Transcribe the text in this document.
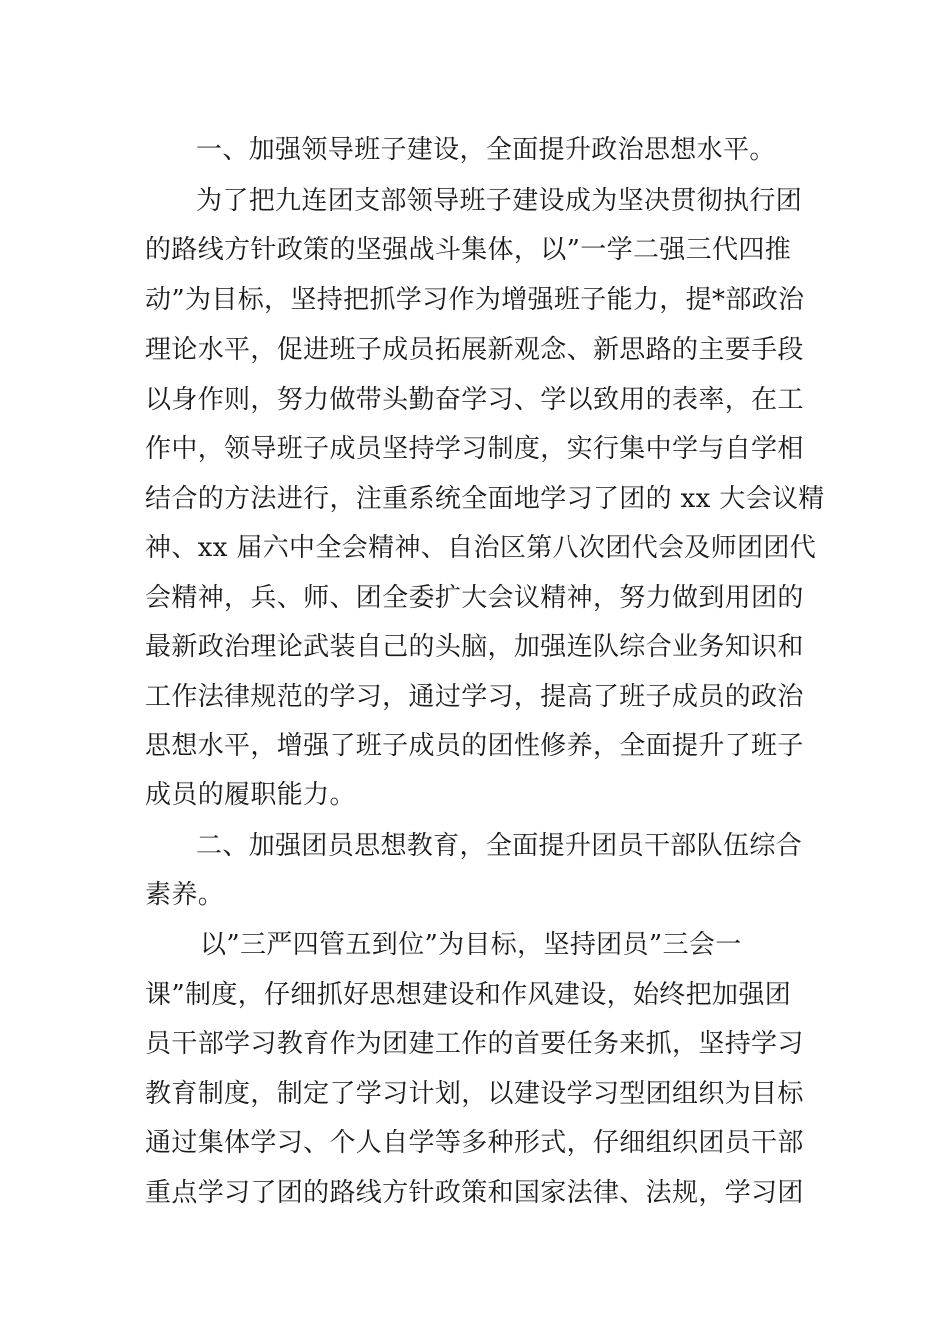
一、加强领导班子建设，全面提升政治思想水平。
为了把九连团支部领导班子建设成为坚决贯彻执行团
的路线方针政策的坚强战斗集体，以”一学二强三代四推
动”为目标，坚持把抓学习作为增强班子能力，提*部政治
理论水平，促进班子成员拓展新观念、新思路的主要手段
以身作则，努力做带头勤奋学习、学以致用的表率，在工
作中，领导班子成员坚持学习制度，实行集中学与自学相
结合的方法进行，注重系统全面地学习了团的 xx 大会议精
神、xx 届六中全会精神、自治区第八次团代会及师团团代
会精神，兵、师、团全委扩大会议精神，努力做到用团的
最新政治理论武装自己的头脑，加强连队综合业务知识和
工作法律规范的学习，通过学习，提高了班子成员的政治
思想水平，增强了班子成员的团性修养，全面提升了班子
成员的履职能力。
二、加强团员思想教育，全面提升团员干部队伍综合
素养。
以”三严四管五到位”为目标，坚持团员”三会一
课”制度，仔细抓好思想建设和作风建设，始终把加强团
员干部学习教育作为团建工作的首要任务来抓，坚持学习
教育制度，制定了学习计划，以建设学习型团组织为目标
通过集体学习、个人自学等多种形式，仔细组织团员干部
重点学习了团的路线方针政策和国家法律、法规，学习团
